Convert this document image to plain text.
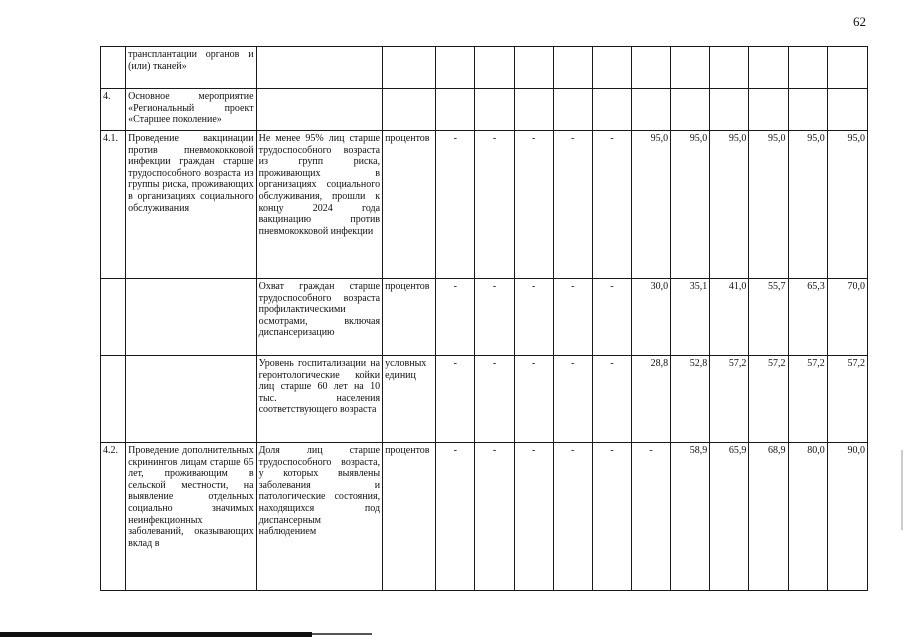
62
	трансплантации органов и (или) тканей»													
4.	Основное мероприятие «Региональный проект «Старшее поколение»													
4.1.	Проведение вакцинации против пневмококковой инфекции граждан старше трудоспособного возраста из группы риска, проживающих в организациях социального обслуживания	Не менее 95% лиц старше трудоспособного возраста из групп риска, проживающих в организациях социального обслуживания, прошли к концу 2024 года вакцинацию против пневмококковой инфекции	процентов	-	-	-	-	-	95,0	95,0	95,0	95,0	95,0	95,0
		Охват граждан старше трудоспособного возраста профилактическими осмотрами, включая диспансеризацию	процентов	-	-	-	-	-	30,0	35,1	41,0	55,7	65,3	70,0
		Уровень госпитализации на геронтологические койки лиц старше 60 лет на 10 тыс. населения соответствующего возраста	условных единиц	-	-	-	-	-	28,8	52,8	57,2	57,2	57,2	57,2
4.2.	Проведение дополнительных скринингов лицам старше 65 лет, проживающим в сельской местности, на выявление отдельных социально значимых неинфекционных заболеваний, оказывающих вклад в	Доля лиц старше трудоспособного возраста, у которых выявлены заболевания и патологические состояния, находящихся под диспансерным наблюдением	процентов	-	-	-	-	-	-	58,9	65,9	68,9	80,0	90,0
